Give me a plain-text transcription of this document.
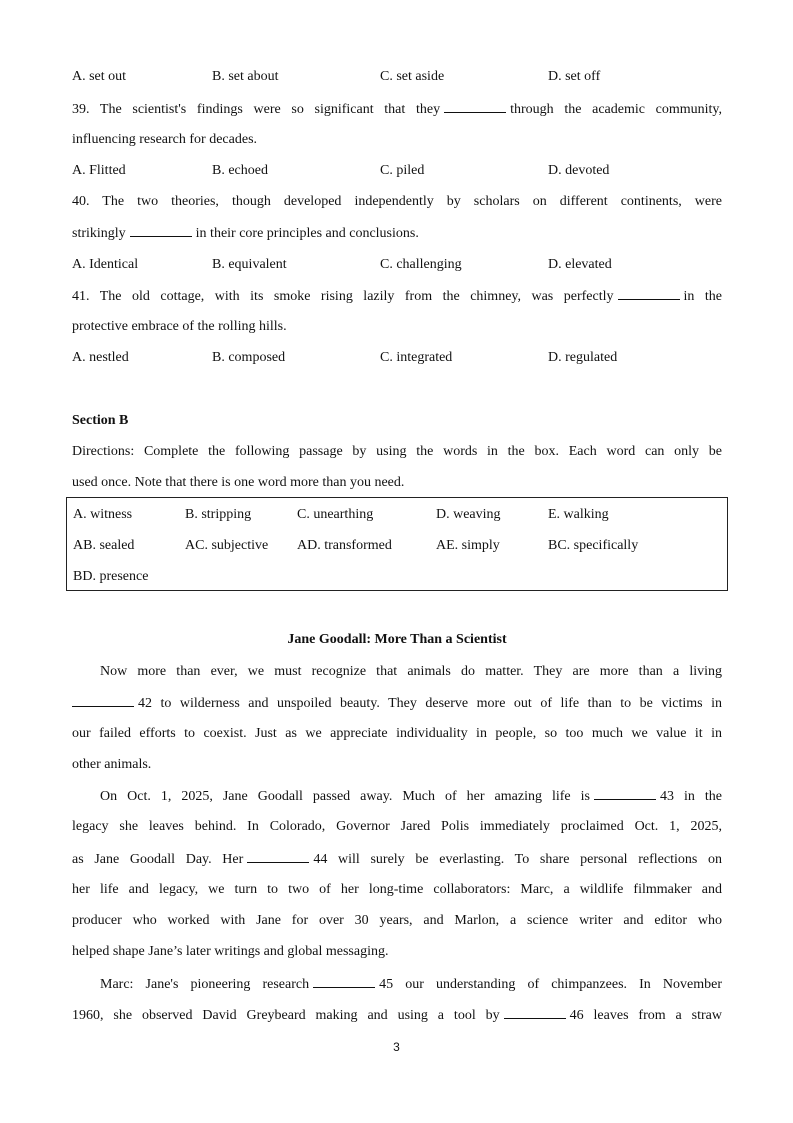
A. set out	B. set about	C. set aside	D. set off
39. The scientist's findings were so significant that they	through the academic community,
influencing research for decades.
A. Flitted	B. echoed	C. piled	D. devoted
40. The two theories, though developed independently by scholars on different continents, were
strikingly	in their core principles and conclusions.
A. Identical	B. equivalent	C. challenging	D. elevated
41. The old cottage, with its smoke rising lazily from the chimney, was perfectly	in the
protective embrace of the rolling hills.
A. nestled	B. composed	C. integrated	D. regulated
Section B
Directions: Complete the following passage by using the words in the box. Each word can only be
used once. Note that there is one word more than you need.
Jane Goodall: More Than a Scientist
Now more than ever, we must recognize that animals do matter. They are more than a living
42 to wilderness and unspoiled beauty. They deserve more out of life than to be victims in
our failed efforts to coexist. Just as we appreciate individuality in people, so too much we value it in
other animals.
On Oct. 1, 2025, Jane Goodall passed away. Much of her amazing life is	43 in the
legacy she leaves behind. In Colorado, Governor Jared Polis immediately proclaimed Oct. 1, 2025,
as Jane Goodall Day. Her	44 will surely be everlasting. To share personal reflections on
her life and legacy, we turn to two of her long-time collaborators: Marc, a wildlife filmmaker and
producer who worked with Jane for over 30 years, and Marlon, a science writer and editor who
helped shape Jane’s later writings and global messaging.
Marc: Jane's pioneering research	45 our understanding of chimpanzees. In November
1960, she observed David Greybeard making and using a tool by	46 leaves from a straw
A. witness	B. stripping	C. unearthing	D. weaving	E. walking
AB. sealed	AC. subjective AD. transformed	AE. simply	BC. specifically
BD. presence
3
